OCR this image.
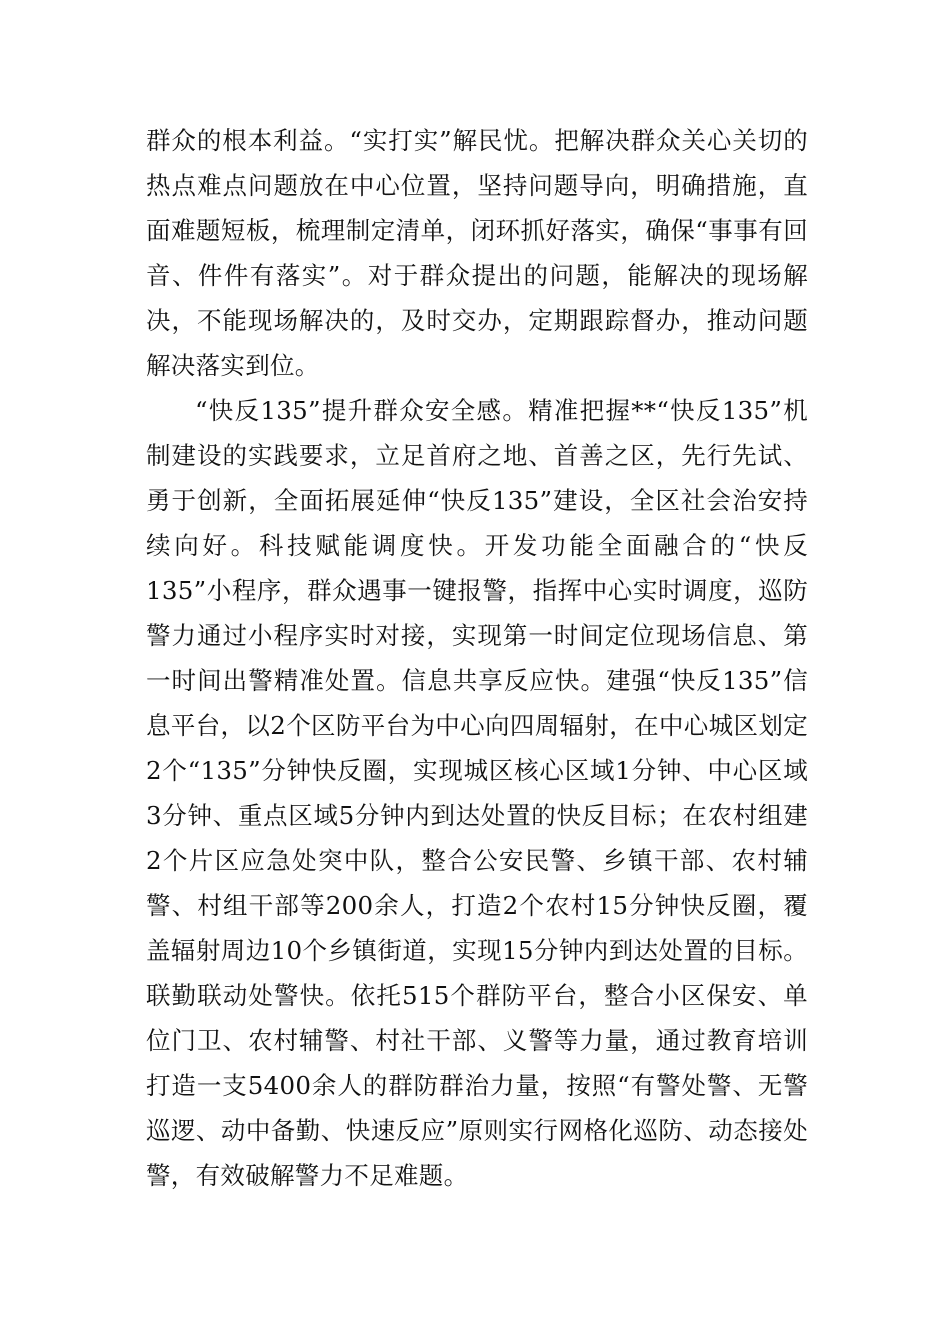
群众的根本利益。“实打实”解民忧。把解决群众关心关切的热点难点问题放在中心位置，坚持问题导向，明确措施，直面难题短板，梳理制定清单，闭环抓好落实，确保“事事有回音、件件有落实”。对于群众提出的问题，能解决的现场解决，不能现场解决的，及时交办，定期跟踪督办，推动问题解决落实到位。

“快反135”提升群众安全感。精准把握**“快反135”机制建设的实践要求，立足首府之地、首善之区，先行先试、勇于创新，全面拓展延伸“快反135”建设，全区社会治安持续向好。科技赋能调度快。开发功能全面融合的“快反135”小程序，群众遇事一键报警，指挥中心实时调度，巡防警力通过小程序实时对接，实现第一时间定位现场信息、第一时间出警精准处置。信息共享反应快。建强“快反135”信息平台，以2个区防平台为中心向四周辐射，在中心城区划定2个“135”分钟快反圈，实现城区核心区域1分钟、中心区域3分钟、重点区域5分钟内到达处置的快反目标；在农村组建2个片区应急处突中队，整合公安民警、乡镇干部、农村辅警、村组干部等200余人，打造2个农村15分钟快反圈，覆盖辐射周边10个乡镇街道，实现15分钟内到达处置的目标。联勤联动处警快。依托515个群防平台，整合小区保安、单位门卫、农村辅警、村社干部、义警等力量，通过教育培训打造一支5400余人的群防群治力量，按照“有警处警、无警巡逻、动中备勤、快速反应”原则实行网格化巡防、动态接处警，有效破解警力不足难题。
